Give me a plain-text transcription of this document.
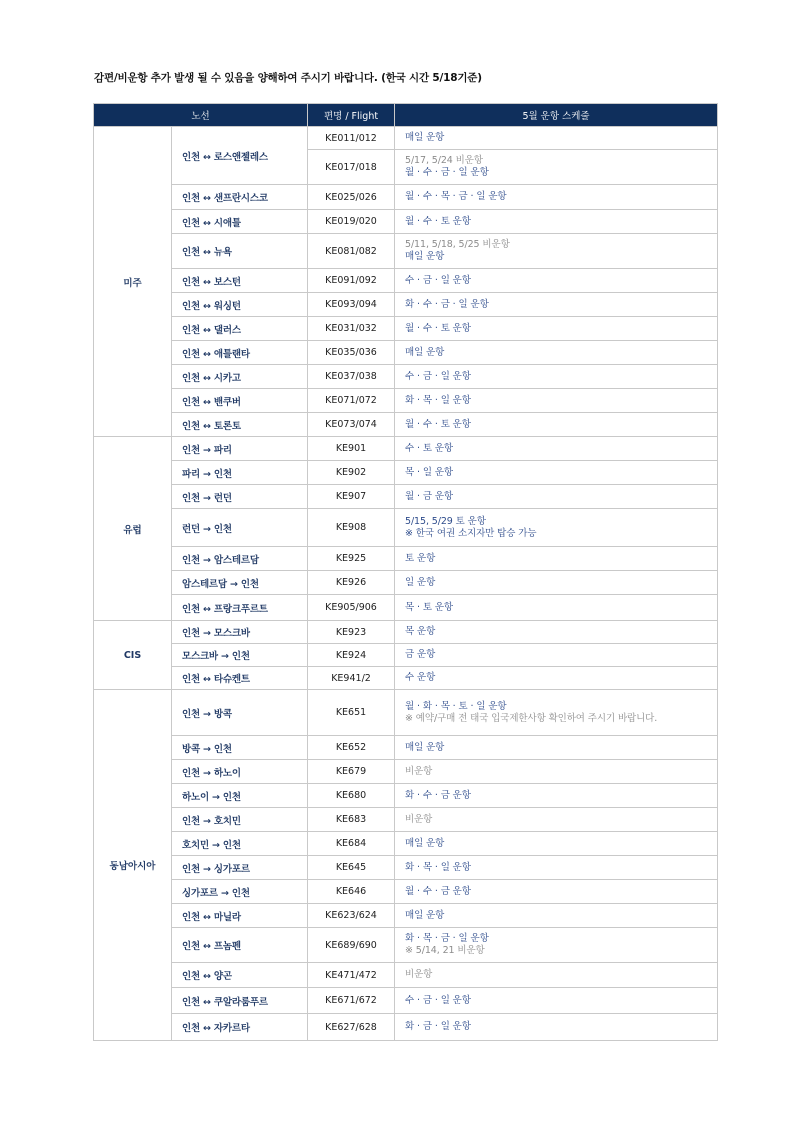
감편/비운항 추가 발생 될 수 있음을 양해하여 주시기 바랍니다. (한국 시간 5/18기준)
노선		편명 / Flight	5월 운항 스케줄
미주	인천 ↔ 로스앤젤레스	KE011/012	매일 운항

		KE017/018	5/17, 5/24 비운항
월 · 수 · 금 · 일 운항

	인천 ↔ 샌프란시스코	KE025/026	월 · 수 · 목 · 금 · 일 운항

	인천 ↔ 시애틀	KE019/020	월 · 수 · 토 운항

	인천 ↔ 뉴욕	KE081/082	5/11, 5/18, 5/25 비운항
매일 운항

	인천 ↔ 보스턴	KE091/092	수 · 금 · 일 운항

	인천 ↔ 워싱턴	KE093/094	화 · 수 · 금 · 일 운항

	인천 ↔ 댈러스	KE031/032	월 · 수 · 토 운항

	인천 ↔ 애틀랜타	KE035/036	매일 운항

	인천 ↔ 시카고	KE037/038	수 · 금 · 일 운항

	인천 ↔ 밴쿠버	KE071/072	화 · 목 · 일 운항

	인천 ↔ 토론토	KE073/074	월 · 수 · 토 운항

유럽	인천 → 파리	KE901	수 · 토 운항

	파리 → 인천	KE902	목 · 일 운항

	인천 → 런던	KE907	월 · 금 운항

	런던 → 인천	KE908	5/15, 5/29 토 운항
※ 한국 여권 소지자만 탑승 가능

	인천 → 암스테르담	KE925	토 운항

	암스테르담 → 인천	KE926	일 운항

	인천 ↔ 프랑크푸르트	KE905/906	목 · 토 운항

CIS	인천 → 모스크바	KE923	목 운항

	모스크바 → 인천	KE924	금 운항

	인천 ↔ 타슈켄트	KE941/2	수 운항

동남아시아	인천 → 방콕	KE651	월 · 화 · 목 · 토 · 일 운항
※ 예약/구매 전 태국 입국제한사항 확인하여 주시기 바랍니다.

	방콕 → 인천	KE652	매일 운항

	인천 → 하노이	KE679	비운항

	하노이 → 인천	KE680	화 · 수 · 금 운항

	인천 → 호치민	KE683	비운항

	호치민 → 인천	KE684	매일 운항

	인천 → 싱가포르	KE645	화 · 목 · 일 운항

	싱가포르 → 인천	KE646	월 · 수 · 금 운항

	인천 ↔ 마닐라	KE623/624	매일 운항

	인천 ↔ 프놈펜	KE689/690	화 · 목 · 금 · 일 운항
※ 5/14, 21 비운항

	인천 ↔ 양곤	KE471/472	비운항

	인천 ↔ 쿠알라룸푸르	KE671/672	수 · 금 · 일 운항

	인천 ↔ 자카르타	KE627/628	화 · 금 · 일 운항
